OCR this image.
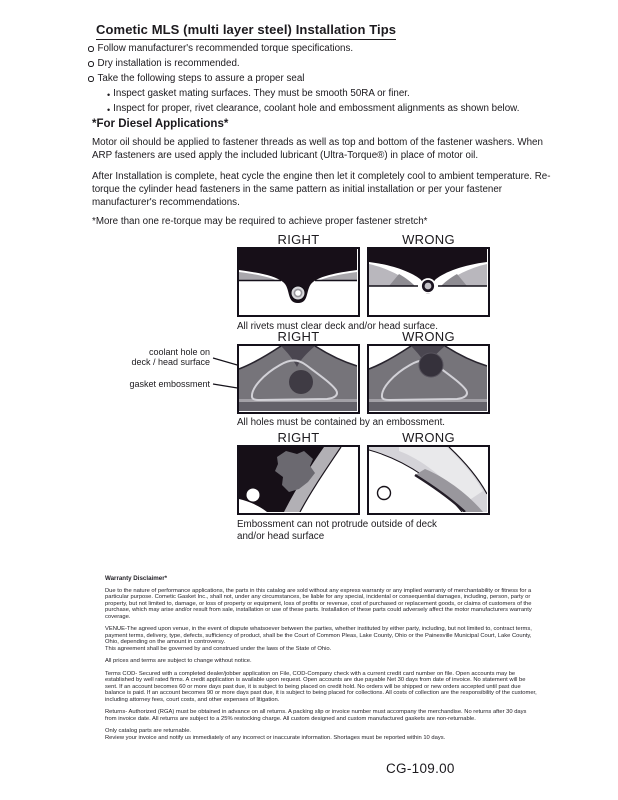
Cometic MLS (multi layer steel) Installation Tips
Follow manufacturer's recommended torque specifications.
Dry installation is recommended.
Take the following steps to assure a proper seal
• Inspect gasket mating surfaces. They must be smooth 50RA or finer.
• Inspect for proper, rivet clearance, coolant hole and embossment alignments as shown below.
*For Diesel Applications*
Motor oil should be applied to fastener threads as well as top and bottom of the fastener washers. When ARP fasteners are used apply the included lubricant (Ultra-Torque®) in place of motor oil.
After Installation is complete, heat cycle the engine then let it completely cool to ambient temperature. Re-torque the cylinder head fasteners in the same pattern as initial installation or per your fastener manufacturer's recommendations.
*More than one re-torque may be required to achieve proper fastener stretch*
RIGHT	WRONG
All rivets must clear deck and/or head surface.
RIGHT	WRONG
coolant hole on
deck / head surface
gasket embossment
All holes must be contained by an embossment.
RIGHT	WRONG
Embossment can not protrude outside of deck
and/or head surface
Warranty Disclaimer*

Due to the nature of performance applications, the parts in this catalog are sold without any express warranty or any implied warranty of merchantability or fitness for a particular purpose. Cometic Gasket Inc., shall not, under any circumstances, be liable for any special, incidental or consequential damages, including, person, party or property, but not limited to, damage, or loss of property or equipment, loss of profits or revenue, cost of purchased or replacement goods, or claims of customers of the purchase, which may arise and/or result from sale, installation or use of these parts. Installation of these parts could adversely affect the motor manufacturers warranty coverage.

VENUE-The agreed upon venue, in the event of dispute whatsoever between the parties, whether instituted by either party, including, but not limited to, contract terms, payment terms, delivery, type, defects, sufficiency of product, shall be the Court of Common Pleas, Lake County, Ohio or the Painesville Municipal Court, Lake County, Ohio, depending on the amount in controversy.

This agreement shall be governed by and construed under the laws of the State of Ohio.

All prices and terms are subject to change without notice.

Terms COD- Secured with a completed dealer/jobber application on File, COD-Company check with a current credit card number on file. Open accounts may be established by well rated firms. A credit application is available upon request. Open accounts are due payable Net 30 days from date of invoice. No statement will be sent. If an account becomes 60 or more days past due, it is subject to being placed on credit hold. No orders will be shipped or new orders accepted until past due balance is paid. If an account becomes 90 or more days past due, it is subject to being placed for collections. All costs of collection are the responsibility of the customer, including attorney fees, court costs, and other expenses of litigation.

Returns- Authorized (RGA) must be obtained in advance on all returns. A packing slip or invoice number must accompany the merchandise. No returns after 30 days from invoice date. All returns are subject to a 25% restocking charge. All custom designed and custom manufactured gaskets are non-returnable.

Only catalog parts are returnable.

Review your invoice and notify us immediately of any incorrect or inaccurate information. Shortages must be reported within 10 days.

CG-109.00
